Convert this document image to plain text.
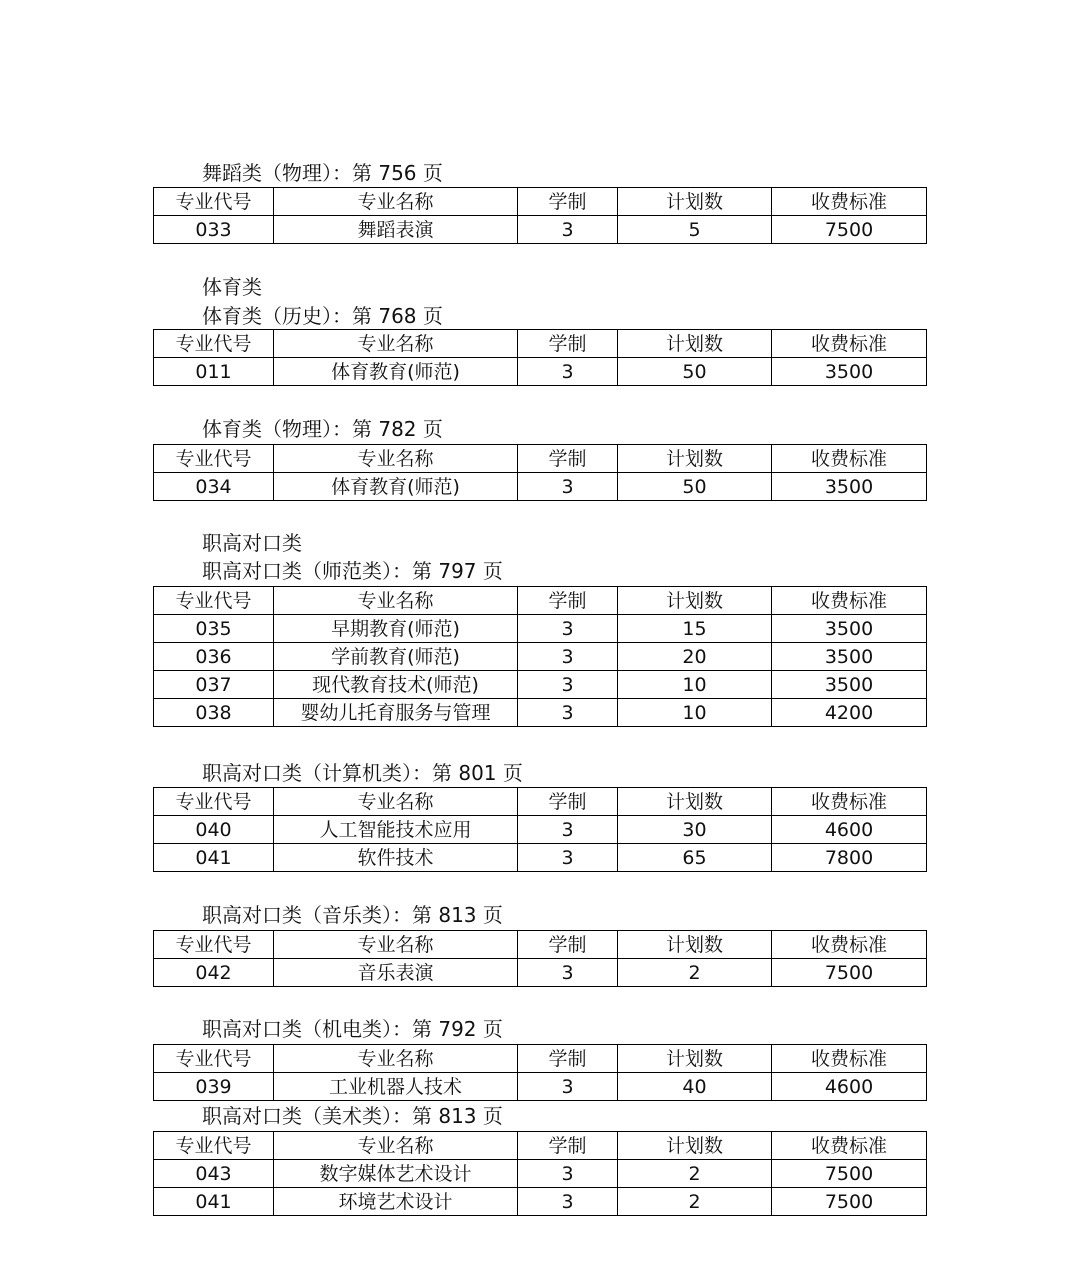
舞蹈类（物理）：第 756 页
专业代号	专业名称	学制	计划数	收费标准
033	舞蹈表演	3	5	7500
体育类
体育类（历史）：第 768 页
专业代号	专业名称	学制	计划数	收费标准
011	体育教育(师范)	3	50	3500
体育类（物理）：第 782 页
专业代号	专业名称	学制	计划数	收费标准
034	体育教育(师范)	3	50	3500
职高对口类
职高对口类（师范类）：第 797 页
专业代号	专业名称	学制	计划数	收费标准
035	早期教育(师范)	3	15	3500
036	学前教育(师范)	3	20	3500
037	现代教育技术(师范)	3	10	3500
038	婴幼儿托育服务与管理	3	10	4200
职高对口类（计算机类）：第 801 页
专业代号	专业名称	学制	计划数	收费标准
040	人工智能技术应用	3	30	4600
041	软件技术	3	65	7800
职高对口类（音乐类）：第 813 页
专业代号	专业名称	学制	计划数	收费标准
042	音乐表演	3	2	7500
职高对口类（机电类）：第 792 页
专业代号	专业名称	学制	计划数	收费标准
039	工业机器人技术	3	40	4600
职高对口类（美术类）：第 813 页
专业代号	专业名称	学制	计划数	收费标准
043	数字媒体艺术设计	3	2	7500
041	环境艺术设计	3	2	7500
